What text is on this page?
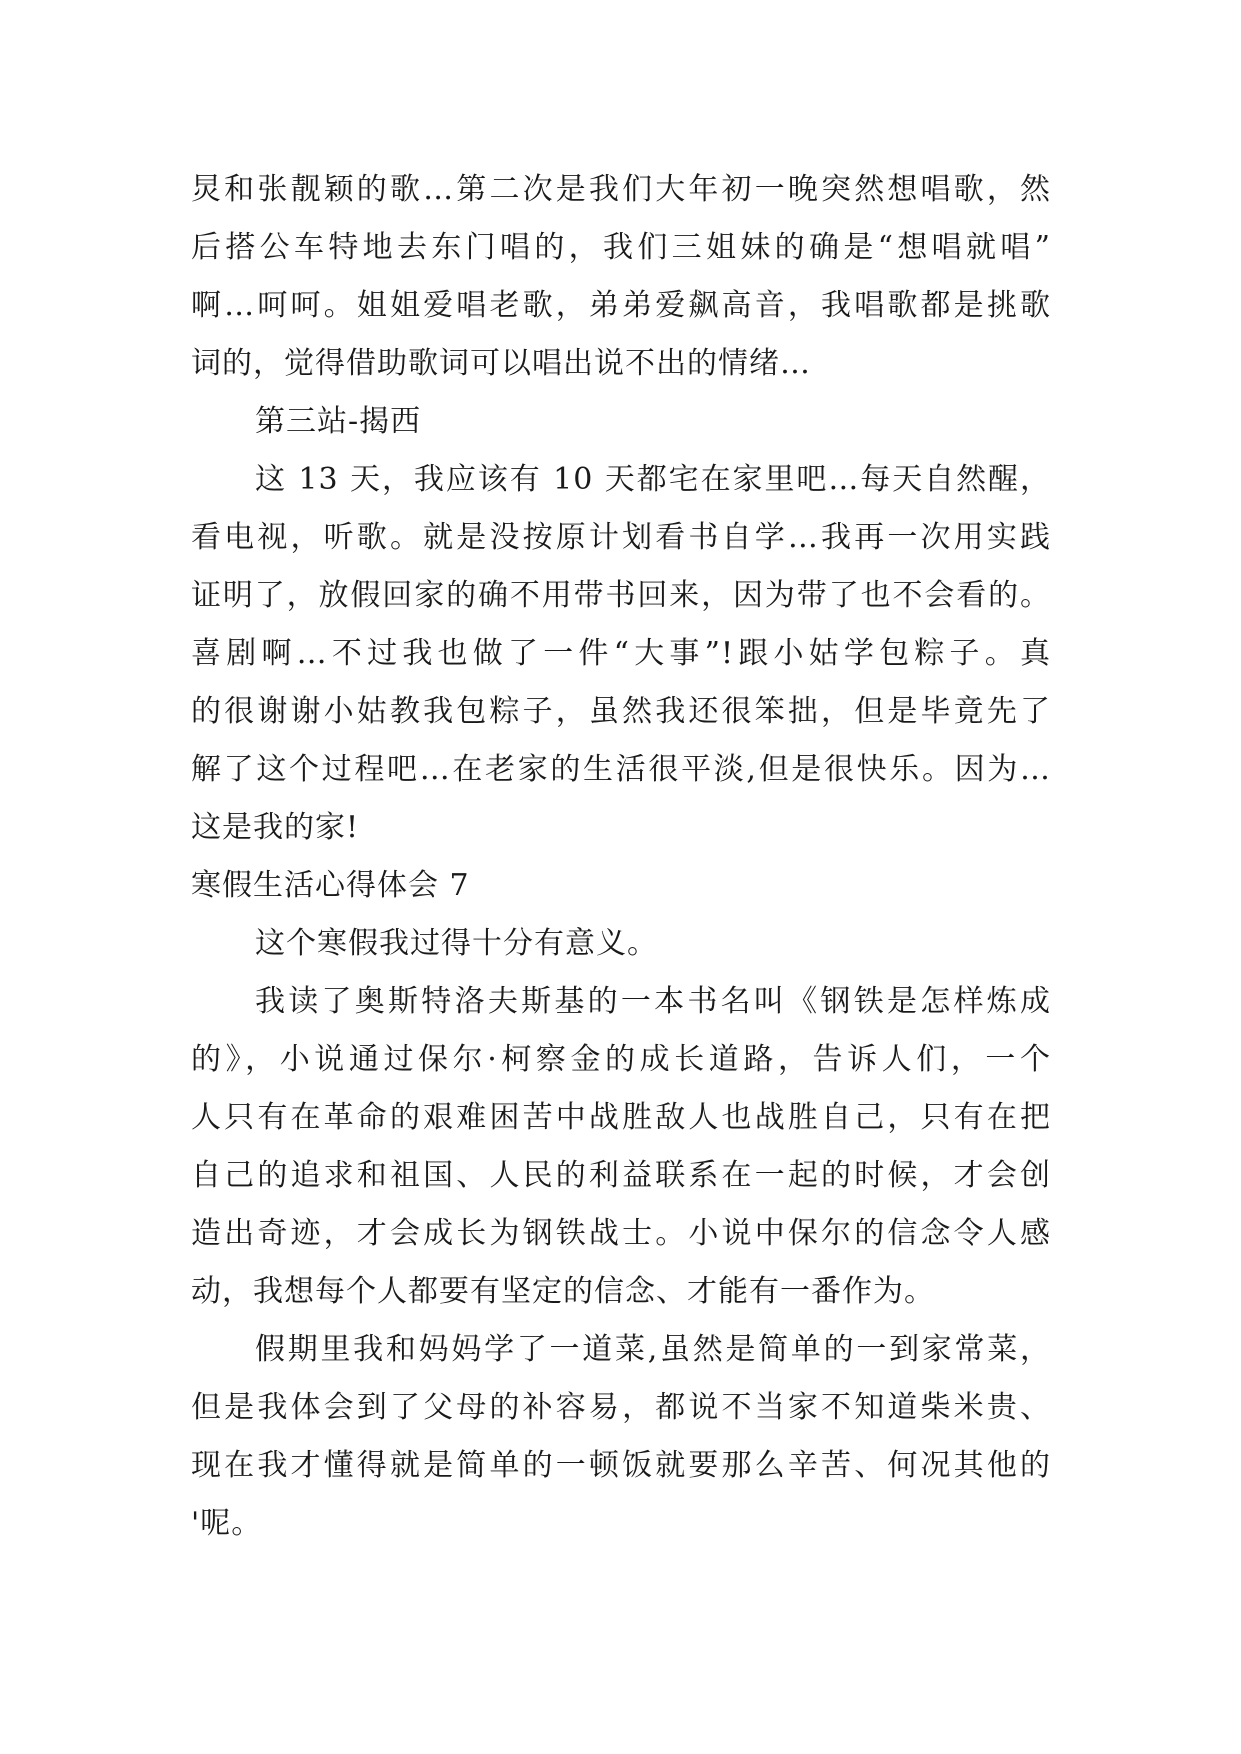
炅和张靓颖的歌…第二次是我们大年初一晚突然想唱歌，然
后搭公车特地去东门唱的，我们三姐妹的确是“想唱就唱”
啊…呵呵。姐姐爱唱老歌，弟弟爱飙高音，我唱歌都是挑歌
词的，觉得借助歌词可以唱出说不出的情绪…
第三站-揭西
这 13 天，我应该有 10 天都宅在家里吧…每天自然醒，
看电视，听歌。就是没按原计划看书自学…我再一次用实践
证明了，放假回家的确不用带书回来，因为带了也不会看的。
喜剧啊…不过我也做了一件“大事”!跟小姑学包粽子。真
的很谢谢小姑教我包粽子，虽然我还很笨拙，但是毕竟先了
解了这个过程吧…在老家的生活很平淡,但是很快乐。因为…
这是我的家!
寒假生活心得体会 7
这个寒假我过得十分有意义。
我读了奥斯特洛夫斯基的一本书名叫《钢铁是怎样炼成
的》，小说通过保尔·柯察金的成长道路，告诉人们，一个
人只有在革命的艰难困苦中战胜敌人也战胜自己，只有在把
自己的追求和祖国、人民的利益联系在一起的时候，才会创
造出奇迹，才会成长为钢铁战士。小说中保尔的信念令人感
动，我想每个人都要有坚定的信念、才能有一番作为。
假期里我和妈妈学了一道菜,虽然是简单的一到家常菜，
但是我体会到了父母的补容易，都说不当家不知道柴米贵、
现在我才懂得就是简单的一顿饭就要那么辛苦、何况其他的
'呢。
